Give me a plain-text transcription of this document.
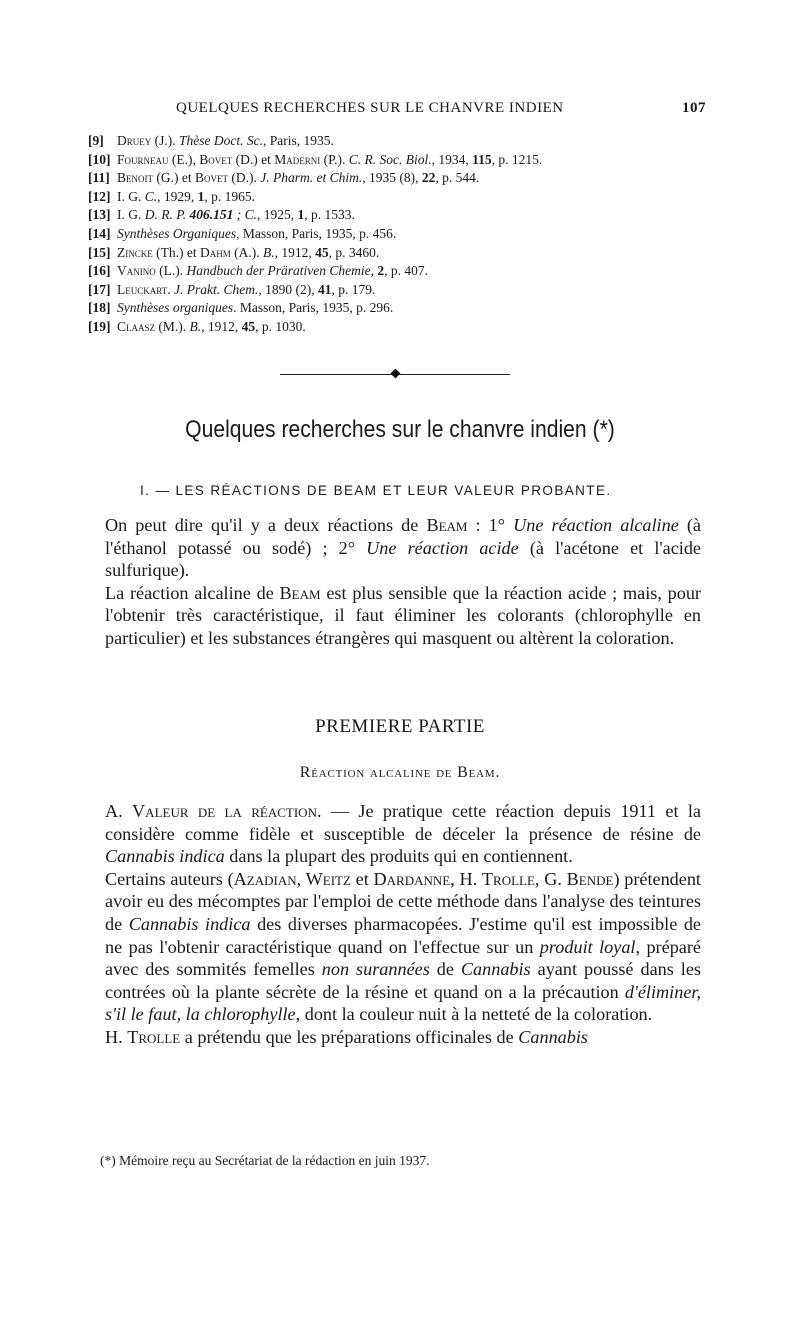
QUELQUES RECHERCHES SUR LE CHANVRE INDIEN	107
[9] Druey (J.). Thèse Doct. Sc., Paris, 1935.
[10] Fourneau (E.), Bovet (D.) et Maderni (P.). C. R. Soc. Biol., 1934, 115, p. 1215.
[11] Benoit (G.) et Bovet (D.). J. Pharm. et Chim., 1935 (8), 22, p. 544.
[12] I. G. C., 1929, 1, p. 1965.
[13] I. G. D. R. P. 406.151 ; C., 1925, 1, p. 1533.
[14] Synthèses Organiques, Masson, Paris, 1935, p. 456.
[15] Zincke (Th.) et Dahm (A.). B., 1912, 45, p. 3460.
[16] Vanino (L.). Handbuch der Prärativen Chemie, 2, p. 407.
[17] Leuckart. J. Prakt. Chem., 1890 (2), 41, p. 179.
[18] Synthèses organiques. Masson, Paris, 1935, p. 296.
[19] Claasz (M.). B., 1912, 45, p. 1030.
Quelques recherches sur le chanvre indien (*)
I. — LES RÉACTIONS DE BEAM ET LEUR VALEUR PROBANTE.

On peut dire qu'il y a deux réactions de Beam : 1° Une réaction alcaline (à l'éthanol potassé ou sodé) ; 2° Une réaction acide (à l'acétone et l'acide sulfurique).

La réaction alcaline de Beam est plus sensible que la réaction acide ; mais, pour l'obtenir très caractéristique, il faut éliminer les colorants (chlorophylle en particulier) et les substances étrangères qui masquent ou altèrent la coloration.

PREMIERE PARTIE
Réaction alcaline de Beam.

A. Valeur de la réaction. — Je pratique cette réaction depuis 1911 et la considère comme fidèle et susceptible de déceler la présence de résine de Cannabis indica dans la plupart des produits qui en contiennent.

Certains auteurs (Azadian, Weitz et Dardanne, H. Trolle, G. Bende) prétendent avoir eu des mécomptes par l'emploi de cette méthode dans l'analyse des teintures de Cannabis indica des diverses pharmacopées. J'estime qu'il est impossible de ne pas l'obtenir caractéristique quand on l'effectue sur un produit loyal, préparé avec des sommités femelles non surannées de Cannabis ayant poussé dans les contrées où la plante sécrète de la résine et quand on a la précaution d'éliminer, s'il le faut, la chlorophylle, dont la couleur nuit à la netteté de la coloration.

H. Trolle a prétendu que les préparations officinales de Cannabis

(*) Mémoire reçu au Secrétariat de la rédaction en juin 1937.
